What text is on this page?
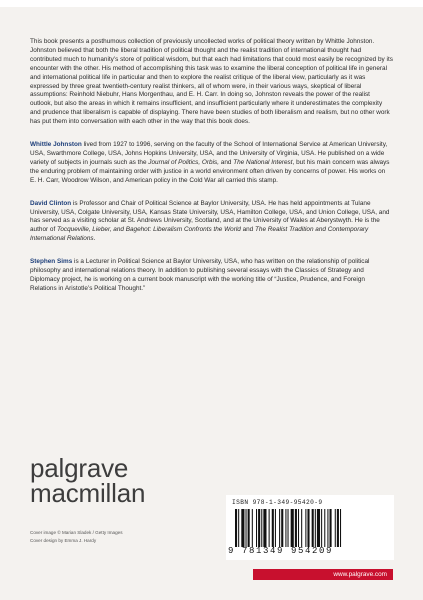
This book presents a posthumous collection of previously uncollected works of political theory written by Whittle Johnston. Johnston believed that both the liberal tradition of political thought and the realist tradition of international thought had contributed much to humanity’s store of political wisdom, but that each had limitations that could most easily be recognized by its encounter with the other. His method of accomplishing this task was to examine the liberal conception of political life in general and international political life in particular and then to explore the realist critique of the liberal view, particularly as it was expressed by three great twentieth-century realist thinkers, all of whom were, in their various ways, skeptical of liberal assumptions: Reinhold Niebuhr, Hans Morgenthau, and E. H. Carr. In doing so, Johnston reveals the power of the realist outlook, but also the areas in which it remains insufficient, and insufficient particularly where it underestimates the complexity and prudence that liberalism is capable of displaying. There have been studies of both liberalism and realism, but no other work has put them into conversation with each other in the way that this book does.

Whittle Johnston lived from 1927 to 1996, serving on the faculty of the School of International Service at American University, USA, Swarthmore College, USA, Johns Hopkins University, USA, and the University of Virginia, USA. He published on a wide variety of subjects in journals such as the Journal of Politics, Orbis, and The National Interest, but his main concern was always the enduring problem of maintaining order with justice in a world environment often driven by concerns of power. His works on E. H. Carr, Woodrow Wilson, and American policy in the Cold War all carried this stamp.

David Clinton is Professor and Chair of Political Science at Baylor University, USA. He has held appointments at Tulane University, USA, Colgate University, USA, Kansas State University, USA, Hamilton College, USA, and Union College, USA, and has served as a visiting scholar at St. Andrews University, Scotland, and at the University of Wales at Aberystwyth. He is the author of Tocqueville, Lieber, and Bagehot: Liberalism Confronts the World and The Realist Tradition and Contemporary International Relations.

Stephen Sims is a Lecturer in Political Science at Baylor University, USA, who has written on the relationship of political philosophy and international relations theory. In addition to publishing several essays with the Classics of Strategy and Diplomacy project, he is working on a current book manuscript with the working title of “Justice, Prudence, and Foreign Relations in Aristotle’s Political Thought.”

palgrave
macmillan
Cover image © Marian Sladek / Getty Images
Cover design by Emma J. Hardy
ISBN 978-1-349-95420-9
9 781349 954209
www.palgrave.com
